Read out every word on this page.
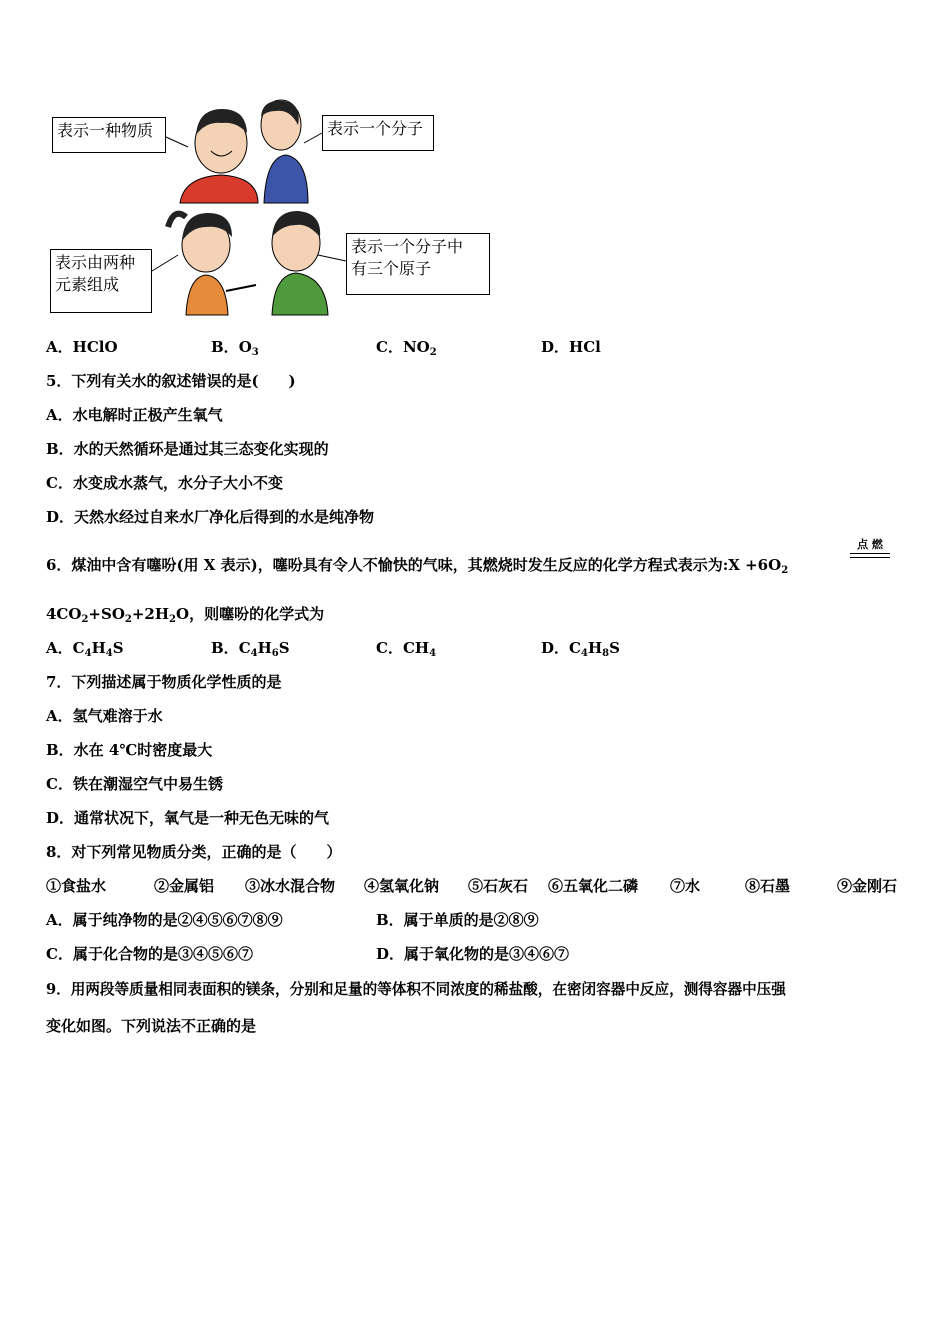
表示一种物质	表示一个分子
表示由两种
元素组成
表示一个分子中
有三个原子
A．HClO	B．$O_3$	C．$NO_2$	D．HCl
5．下列有关水的叙述错误的是(　　)
A．水电解时正极产生氧气
B．水的天然循环是通过其三态变化实现的
C．水变成水蒸气，水分子大小不变
D．天然水经过自来水厂净化后得到的水是纯净物
6．煤油中含有噻吩(用 X 表示)，噻吩具有令人不愉快的气味，其燃烧时发生反应的化学方程式表示为:X $+6O_2$
点 燃
$4CO_2+SO_2+2H_2O$，则噻吩的化学式为
A．$C_4H_4S$	B．$C_4H_6S$	C．$CH_4$	D．$C_4H_8S$
7．下列描述属于物质化学性质的是
A．氢气难溶于水
B．水在 4℃时密度最大
C．铁在潮湿空气中易生锈
D．通常状况下，氧气是一种无色无味的气
8．对下列常见物质分类，正确的是（　　）
①食盐水	②金属铝 ③冰水混合物 ④氢氧化钠 ⑤石灰石 ⑥五氧化二磷 ⑦水	⑧石墨	⑨金刚石
A．属于纯净物的是②④⑤⑥⑦⑧⑨	B．属于单质的是②⑧⑨
C．属于化合物的是③④⑤⑥⑦	D．属于氧化物的是③④⑥⑦
9．用两段等质量相同表面积的镁条，分别和足量的等体积不同浓度的稀盐酸，在密闭容器中反应，测得容器中压强
变化如图。下列说法不正确的是
